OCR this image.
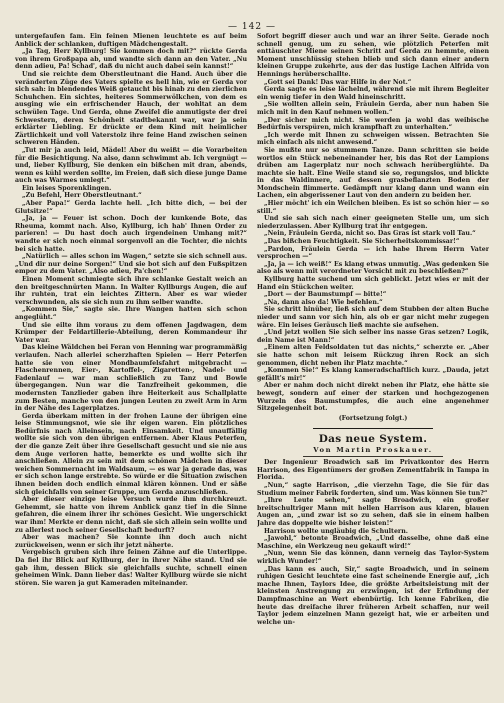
— 142 —

untergefaufen fam. Ein feinen Mienen leuchtete es auf beim Anblick der schlanken, duftigen Mädchengestalt.

„Ja Tag, Herr Kyllburg! Sie kommen doch mit?“ rückte Gerda von ihrem Großpapa ab, und wandte sich dann an den Vater. „Nu denn adieu, Pa! Schad', daß du nicht auch dabei sein kannst!“

Und sie reichte dem Oberstleutnant die Hand. Auch über die veränderten Züge des Vaters spielte es hell hin, wie er Gerda vor sich sah: in blendendes Weiß getaucht bis hinab zu den zierlichen Schuhchen. Ein sichtes, heiteres Sommerwölkchen, von dem es ausging wie ein erfrischender Hauch, der wohltat an dem schwülen Tage. Und Gerda, ohne Zweifel die anmutigste der drei Schwestern, deren Schönheit stadtbekannt war, war ja sein erklärter Liebling. Er drückte er dem Kind mit heimlicher Zärtlichkeit und voll Vaterstolz ihre feine Hand zwischen seinen schweren Händen.

„Tut mir ja auch leid, Mädel! Aber du weißt — die Vorarbeiten für die Besichtigung. Na also, dann schwimmt ab. Ich vergnügt — und, lieber Kyllburg, Sie denken ein bißchen mit dran, abends, wenn es kühl werden sollte, im Freien, daß sich diese junge Dame auch was Warmes umlegt.“

Ein leises Sporenklingen.

„Zu Befehl, Herr Oberstleutnant.“

„Aber Papa!“ Gerda lachte hell. „Ich bitte dich, — bei der Glutsitze!“

„Ja, ja — Feuer ist schon. Doch der kunkende Bote, das Rheuma, kommt nach. Also, Kyllburg, ich hab' Ihnen Order zu parieren! — Du hast doch auch irgendeinen Umhang mit?“ wandte er sich noch einmal sorgenvoll an die Tochter, die nichts bei sich hatte.

„Natürlich — alles schon im Wagen,“ setzte sie sich schnell aus. „Und dir nur deine Sorgen!“ Und sie bot sich auf den Fußspitzen empor zu dem Vater. „Also adieu, Pa'chen!“

Einen Moment schmiegte sich ihre schlanke Gestalt weich an den breitgeschnürten Mann. In Walter Kyllburgs Augen, die auf ihr ruhten, trat ein leichtes Zittern. Aber es war wieder verschwunden, als sie sich nun zu ihm selber wandte.

„Kommen Sie,“ sagte sie. Ihre Wangen hatten sich schon angeglüht.“

Und sie eilte ihm voraus zu dem offenen Jagdwagen, dem Krümper der Feldartillerie-Abteilung, deren Kommandeur ihr Vater war.

Das kleine Wäldchen bei Feran von Henning war programmäßig verlaufen. Nach allerlei scherzhaften Spielen — Herr Peterfen hatte sie von einer Mondbaumfelsfahrt mitgebracht — Flaschenrennen, Eier-, Kartoffel-, Zigaretten-, Nadel- und Fadenlauf — war man schließlich zu Tanz und Bowle übergegangen. Nun war die Tanzfreiheit gekommen, die modernsten Tanzlieder gaben ihre Heiterkeit aus Schallplatte zum Besten, manche von den jungen Leuten zu zweit Arm in Arm in der Nähe des Lagerplatzes.

Gerda überkam mitten in der frohen Laune der übrigen eine leise Stimmungsnot, wie sie ihr eigen waren. Ein plötzliches Bedürfnis nach Alleinsein, nach Einsamkeit. Und unauffällig wollte sie sich von den übrigen entfernen. Aber Klaus Peterfen, der die ganze Zeit über ihre Gesellschaft gesucht und sie nie aus dem Auge verloren hatte, bemerkte es und wollte sich ihr anschließen. Allein zu sein mit dem schönen Mädchen in dieser weichen Sommernacht im Waldsaum, — es war ja gerade das, was er sich schon lange erstrebte. So würde er die Situation zwischen ihnen beiden doch endlich einmal klären können. Und er säße sich gleichfalls von seiner Gruppe, um Gerda anzuschließen.

Aber dieser einzige leise Versuch wurde ihm durchkreuzt. Gehemmt, sie hatte von ihrem Anblick ganz tief in die Sinne gefahren, die einem ihrer ihr schönes Gesicht. Wie ungerschickt war ihm! Merkte er denn nicht, daß sie sich allein sein wollte und zu allerlest noch seiner Gesellschaft bedurft?

Aber was machen? Sie konnte ihn doch auch nicht zurückweisen, wenn er sich ihr jetzt näherte.

Vergebisch gruben sich ihre feinen Zähne auf die Unterlippe. Da fiel ihr Blick auf Kyllburg, der in ihrer Nähe stand. Und sie gab ihm, dessen Blick sie gleichfalls suchte, schnell einen geheimen Wink. Dann lieber das! Walter Kyllburg würde sie nicht stören. Sie waren ja gut Kameraden miteinander.

Sofort begriff dieser auch und war an ihrer Seite. Gerade noch schnell genug, um zu sehen, wie plötzlich Peterfen mit enttäuschter Miene seinen Schritt auf Gerda zu hemmte, einen Moment unschlüssig stehen blieb und sich dann einer andern kleinen Gruppe zukehrte, aus der das lustige Lachen Alfrida von Hennings herüberschallte.

„Gott sei Dank! Das war Hilfe in der Not.“

Gerda sagte es leise lächelnd, während sie mit ihrem Begleiter ein wenig tiefer in den Wald hineinschritt.

„Sie wollten allein sein, Fräulein Gerda, aber nun haben Sie mich mit in den Kauf nehmen wollen.“

„Der sicher mich nicht. Sie werden ja wohl das weibische Bedürfnis verspüren, mich krampfhaft zu unterhalten.“

„Ich werde mit Ihnen zu schweigen wissen. Betrachten Sie mich einfach als nicht anwesend.“

Sie mußte nur so stummem Tanze. Dann schritten sie beide wortlos ein Stück nebeneinander her, bis das Rot der Lampions drüben am Lagerplatz nur noch schwach herüberglühte. Da machte sie halt. Eine Weile stand sie so, regungslos, und blickte in das Waldinnere, auf dessen grasbeflanzten Boden der Mondschein flimmerte. Gedämpft nur klang dann und wann ein Lachen, ein abgerissener Laut von den andern zu beiden her.

„Hier möcht' ich ein Weilchen bleiben. Es ist so schön hier — so still.“

Und sie sah sich nach einer geeigneten Stelle um, um sich niederzulassen. Aber Kyllburg trat ihr entgegen.

„Nein, Fräulein Gerda, nicht so. Das Gras ist stark voll Tau.“

„Das bißchen Feuchtigkeit. Sie Sicherheitskommissar!“

„Pardon, Fräulein Gerda — ich habe Ihrem Herrn Vater versprochen —“

„Ja, ja — ich weiß!“ Es klang etwas unmutig. „Was gedenken Sie also als wenn mit verordneter Vorsicht mit zu beschließen?“

Kyllburg hatte suchend um sich geblickt. Jetzt wies er mit der Hand ein Stückchen weiter.

„Dort — der Baumstumpf — bitte!“

„Na, dann also da! Wie befehlen.“

Sie schritt hinüber, ließ sich auf dem Stubben der alten Buche nieder und sann vor sich hin, als ob er gar nicht mehr zugegen wäre. Ein leises Geräusch ließ machte sie aufsehen.

„Und jetzt wollen Sie sich selber ins nasse Gras setzen? Logik, dein Name ist Mann!“

„Einem alten Feldsoldaten tut das nichts,“ scherzte er. „Aber sie hatte schon mit leisem Rückzug ihren Rock an sich genommen, dicht neben ihr Platz machte.“

„Kommen Sie!“ Es klang kameradschaftlich kurz. „Dauda, jetzt gefällt's mir!“

Aber er nahm doch nicht direkt neben ihr Platz, ehe hätte sie bewegt, sondern auf einer der starken und hochgezogenen Wurzeln des Baumstumpfes, die auch eine angenehmer Sitzgelegenheit bot.

(Fortsetzung folgt.)

Das neue System.
Von Martin Proskauer.

Der Ingenieur Broadwich saß im Privatkontor des Herrn Harrison, des Eigentümers der großen Zementfabrik in Tampa in Florida.

„Nun,“ sagte Harrison, „die vierzehn Tage, die Sie für das Studium meiner Fabrik forderten, sind um. Was können Sie tun?“

„Ihre Leute sehen,“ sagte Broadwich, ein großer breitschultriger Mann mit hellen Harrison aus klaren, blauen Augen an, „und zwar ist so zu sehen, daß sie in einem halben Jahre das doppelte wie bisher leisten!“

Harrison wollte ungläubig die Schultern.

„Jawohl,“ betonte Broadwich, „Und dasselbe, ohne daß eine Maschine, ein Werkzeug neu gekauft wird!“

„Nun, wenn Sie das können, dann verneig das Taylor-System wirklich Wunder!“

„Das kann es auch, Sir,“ sagte Broadwich, und in seinem ruhigen Gesicht leuchtete eine fast scheinende Energie auf, „ich mache Ihnen, Taylors Idee, die größte Arbeitsleistung mit der kleinsten Anstrengung zu erzwingen, ist der Erfindung der Dampfmaschine an Wert ebenbürtig. Ich kenne Fabriken, die heute das dreifache ihrer früheren Arbeit schaffen, nur weil Taylor jedem einzelnen Mann gezeigt hat, wie er arbeiten und welche un-
